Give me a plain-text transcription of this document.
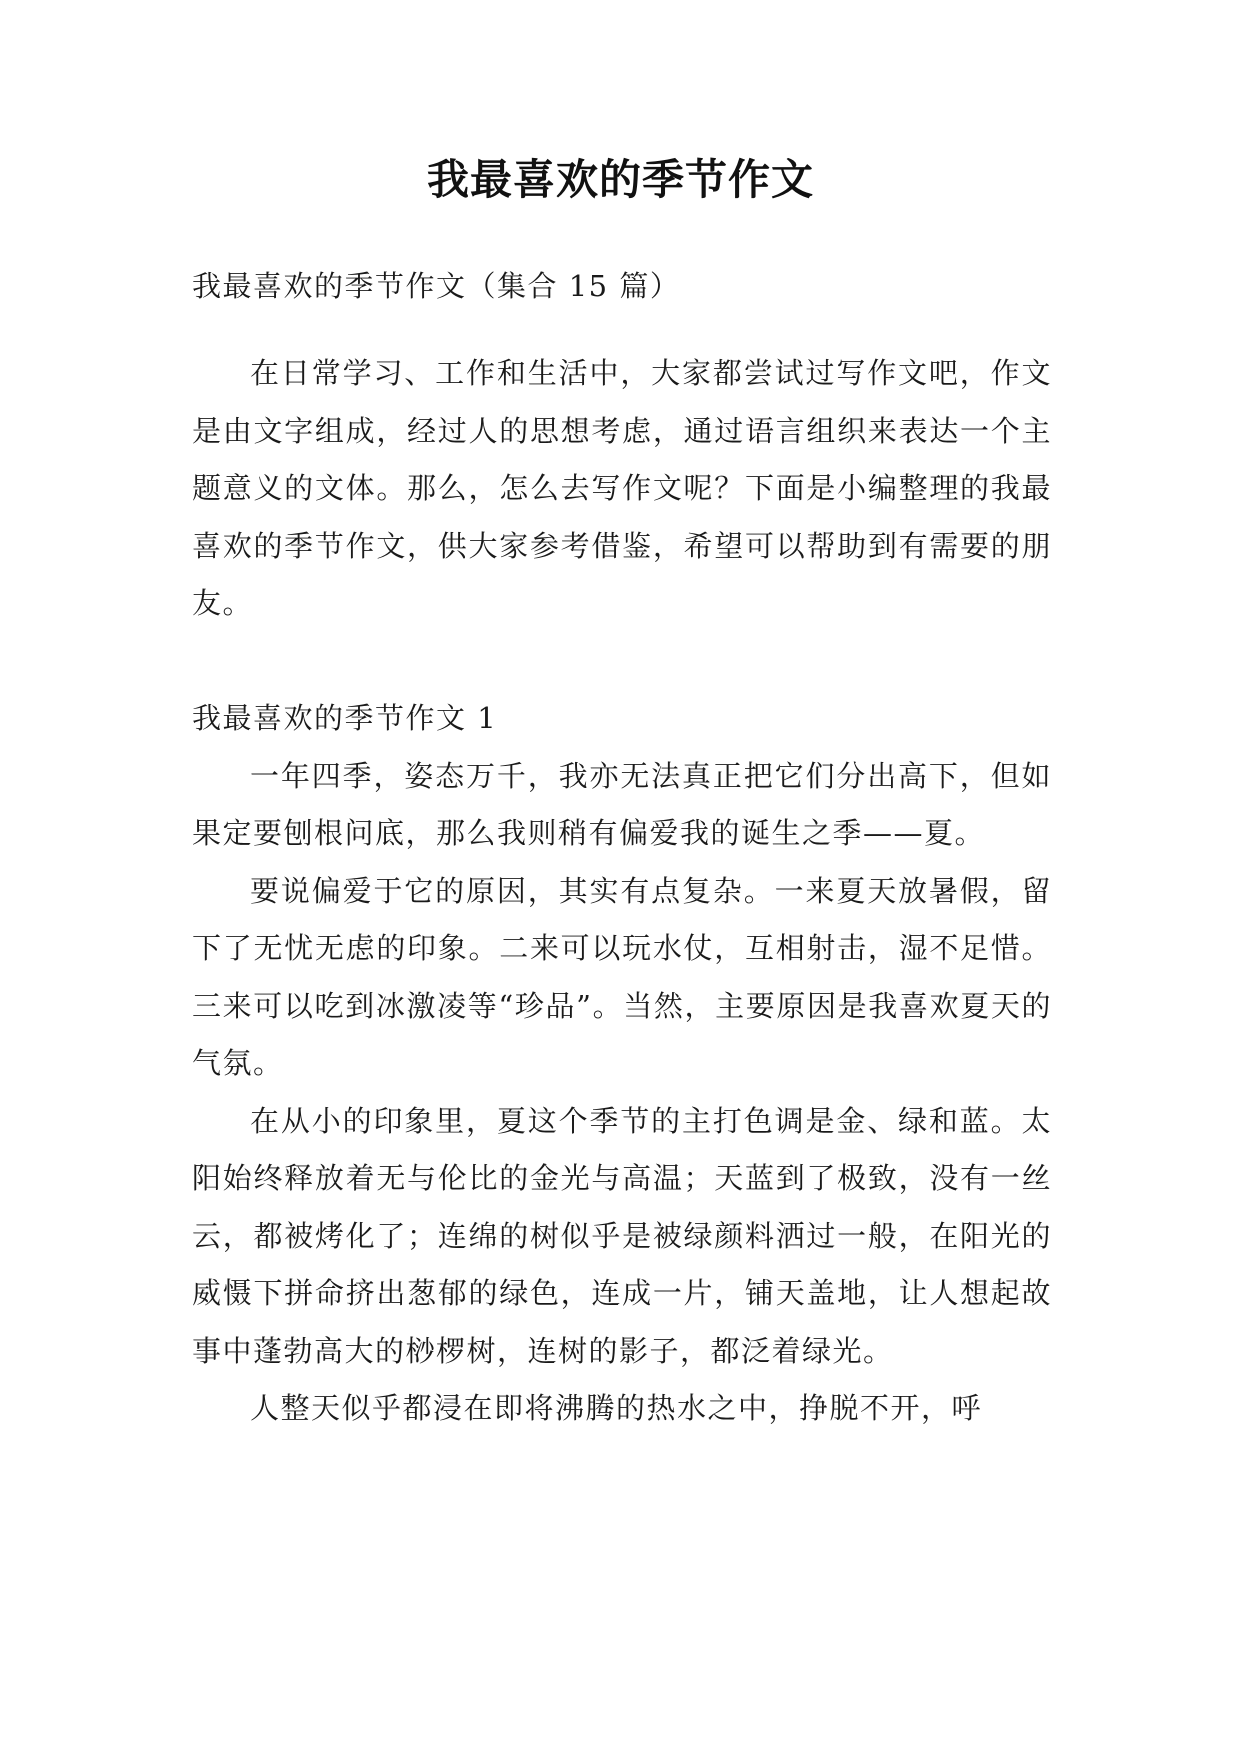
我最喜欢的季节作文
我最喜欢的季节作文（集合 15 篇）

在日常学习、工作和生活中，大家都尝试过写作文吧，作文是由文字组成，经过人的思想考虑，通过语言组织来表达一个主题意义的文体。那么，怎么去写作文呢？下面是小编整理的我最喜欢的季节作文，供大家参考借鉴，希望可以帮助到有需要的朋友。

我最喜欢的季节作文 1

一年四季，姿态万千，我亦无法真正把它们分出高下，但如果定要刨根问底，那么我则稍有偏爱我的诞生之季——夏。

要说偏爱于它的原因，其实有点复杂。一来夏天放暑假，留下了无忧无虑的印象。二来可以玩水仗，互相射击，湿不足惜。三来可以吃到冰激凌等“珍品”。当然，主要原因是我喜欢夏天的气氛。

在从小的印象里，夏这个季节的主打色调是金、绿和蓝。太阳始终释放着无与伦比的金光与高温；天蓝到了极致，没有一丝云，都被烤化了；连绵的树似乎是被绿颜料洒过一般，在阳光的威慑下拼命挤出葱郁的绿色，连成一片，铺天盖地，让人想起故事中蓬勃高大的桫椤树，连树的影子，都泛着绿光。

人整天似乎都浸在即将沸腾的热水之中，挣脱不开，呼
